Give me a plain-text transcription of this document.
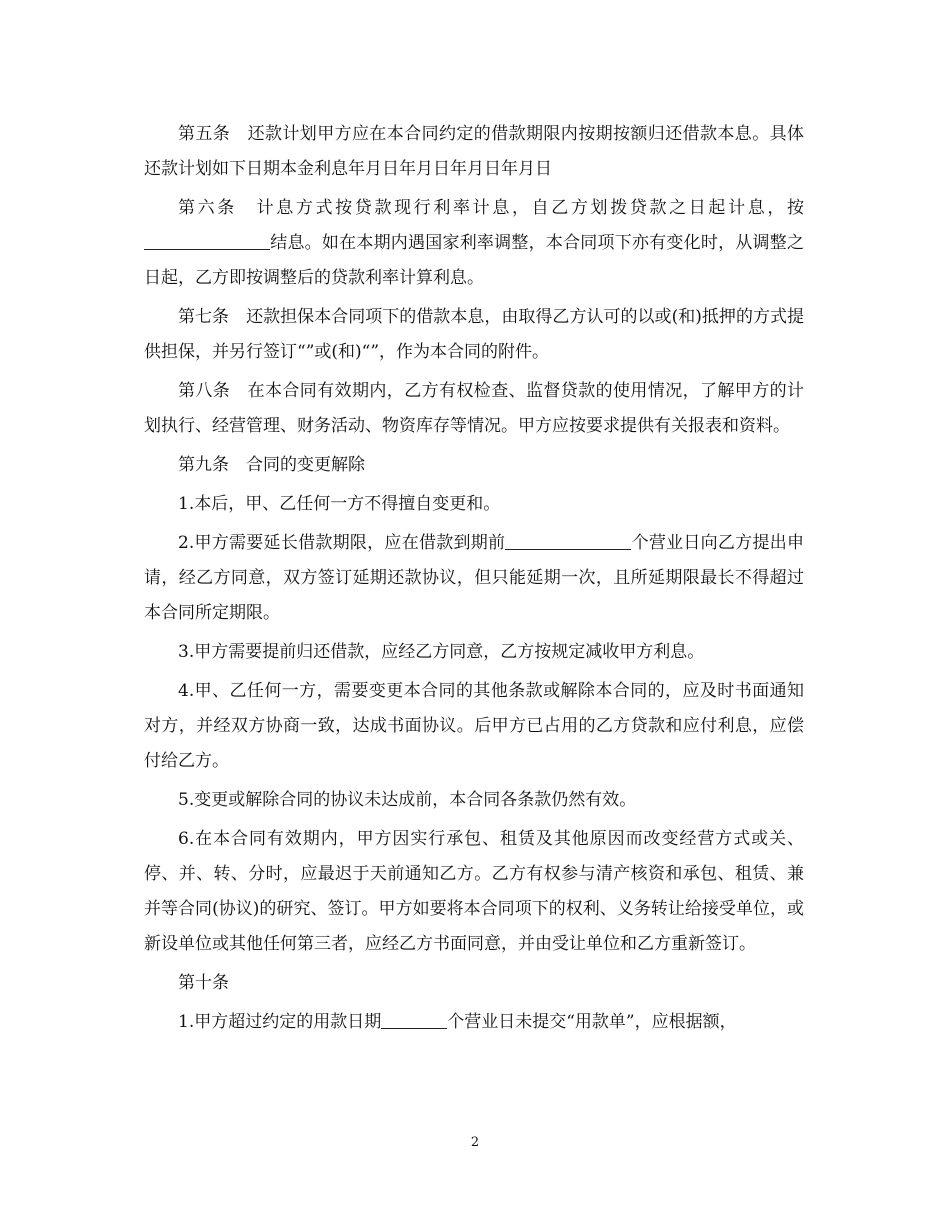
第五条　还款计划甲方应在本合同约定的借款期限内按期按额归还借款本息。具体还款计划如下日期本金利息年月日年月日年月日年月日

第六条　计息方式按贷款现行利率计息，自乙方划拨贷款之日起计息，按结息。如在本期内遇国家利率调整，本合同项下亦有变化时，从调整之日起，乙方即按调整后的贷款利率计算利息。

第七条　还款担保本合同项下的借款本息，由取得乙方认可的以或(和)抵押的方式提供担保，并另行签订“”或(和)“”，作为本合同的附件。

第八条　在本合同有效期内，乙方有权检查、监督贷款的使用情况，了解甲方的计划执行、经营管理、财务活动、物资库存等情况。甲方应按要求提供有关报表和资料。

第九条　合同的变更解除

1.本后，甲、乙任何一方不得擅自变更和。

2.甲方需要延长借款期限，应在借款到期前	个营业日向乙方提出申请，经乙方同意，双方签订延期还款协议，但只能延期一次，且所延期限最长不得超过本合同所定期限。

3.甲方需要提前归还借款，应经乙方同意，乙方按规定减收甲方利息。

4.甲、乙任何一方，需要变更本合同的其他条款或解除本合同的，应及时书面通知对方，并经双方协商一致，达成书面协议。后甲方已占用的乙方贷款和应付利息，应偿付给乙方。

5.变更或解除合同的协议未达成前，本合同各条款仍然有效。

6.在本合同有效期内，甲方因实行承包、租赁及其他原因而改变经营方式或关、停、并、转、分时，应最迟于天前通知乙方。乙方有权参与清产核资和承包、租赁、兼并等合同(协议)的研究、签订。甲方如要将本合同项下的权利、义务转让给接受单位，或新设单位或其他任何第三者，应经乙方书面同意，并由受让单位和乙方重新签订。

第十条

1.甲方超过约定的用款日期	个营业日未提交“用款单”，应根据额，

2
